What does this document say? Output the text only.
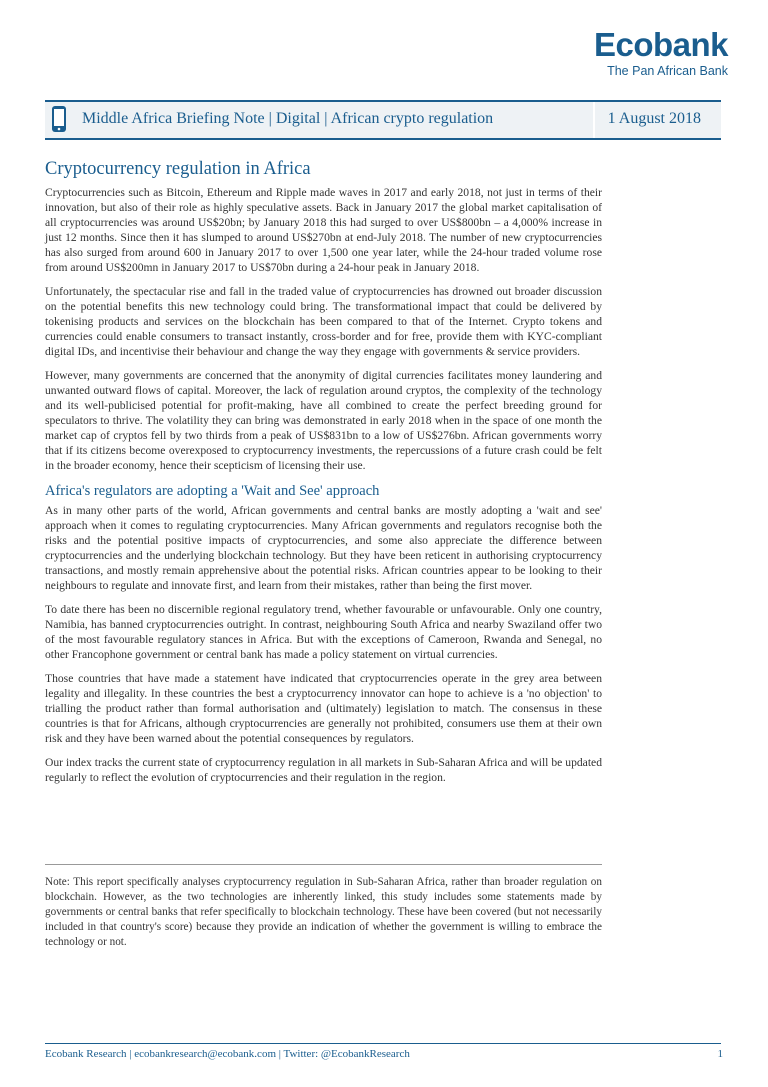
Ecobank
The Pan African Bank
Middle Africa Briefing Note | Digital | African crypto regulation	1 August 2018
Cryptocurrency regulation in Africa

Cryptocurrencies such as Bitcoin, Ethereum and Ripple made waves in 2017 and early 2018, not just in terms of their innovation, but also of their role as highly speculative assets. Back in January 2017 the global market capitalisation of all cryptocurrencies was around US$20bn; by January 2018 this had surged to over US$800bn – a 4,000% increase in just 12 months. Since then it has slumped to around US$270bn at end-July 2018. The number of new cryptocurrencies has also surged from around 600 in January 2017 to over 1,500 one year later, while the 24-hour traded volume rose from around US$200mn in January 2017 to US$70bn during a 24-hour peak in January 2018.

Unfortunately, the spectacular rise and fall in the traded value of cryptocurrencies has drowned out broader discussion on the potential benefits this new technology could bring. The transformational impact that could be delivered by tokenising products and services on the blockchain has been compared to that of the Internet. Crypto tokens and currencies could enable consumers to transact instantly, cross-border and for free, provide them with KYC-compliant digital IDs, and incentivise their behaviour and change the way they engage with governments & service providers.

However, many governments are concerned that the anonymity of digital currencies facilitates money laundering and unwanted outward flows of capital. Moreover, the lack of regulation around cryptos, the complexity of the technology and its well-publicised potential for profit-making, have all combined to create the perfect breeding ground for speculators to thrive. The volatility they can bring was demonstrated in early 2018 when in the space of one month the market cap of cryptos fell by two thirds from a peak of US$831bn to a low of US$276bn. African governments worry that if its citizens become overexposed to cryptocurrency investments, the repercussions of a future crash could be felt in the broader economy, hence their scepticism of licensing their use.

Africa's regulators are adopting a 'Wait and See' approach

As in many other parts of the world, African governments and central banks are mostly adopting a 'wait and see' approach when it comes to regulating cryptocurrencies. Many African governments and regulators recognise both the risks and the potential positive impacts of cryptocurrencies, and some also appreciate the difference between cryptocurrencies and the underlying blockchain technology. But they have been reticent in authorising cryptocurrency transactions, and mostly remain apprehensive about the potential risks. African countries appear to be looking to their neighbours to regulate and innovate first, and learn from their mistakes, rather than being the first mover.

To date there has been no discernible regional regulatory trend, whether favourable or unfavourable. Only one country, Namibia, has banned cryptocurrencies outright. In contrast, neighbouring South Africa and nearby Swaziland offer two of the most favourable regulatory stances in Africa. But with the exceptions of Cameroon, Rwanda and Senegal, no other Francophone government or central bank has made a policy statement on virtual currencies.

Those countries that have made a statement have indicated that cryptocurrencies operate in the grey area between legality and illegality. In these countries the best a cryptocurrency innovator can hope to achieve is a 'no objection' to trialling the product rather than formal authorisation and (ultimately) legislation to match. The consensus in these countries is that for Africans, although cryptocurrencies are generally not prohibited, consumers use them at their own risk and they have been warned about the potential consequences by regulators.

Our index tracks the current state of cryptocurrency regulation in all markets in Sub-Saharan Africa and will be updated regularly to reflect the evolution of cryptocurrencies and their regulation in the region.

Note: This report specifically analyses cryptocurrency regulation in Sub-Saharan Africa, rather than broader regulation on blockchain. However, as the two technologies are inherently linked, this study includes some statements made by governments or central banks that refer specifically to blockchain technology. These have been covered (but not necessarily included in that country's score) because they provide an indication of whether the government is willing to embrace the technology or not.

Ecobank Research | ecobankresearch@ecobank.com | Twitter: @EcobankResearch	1
